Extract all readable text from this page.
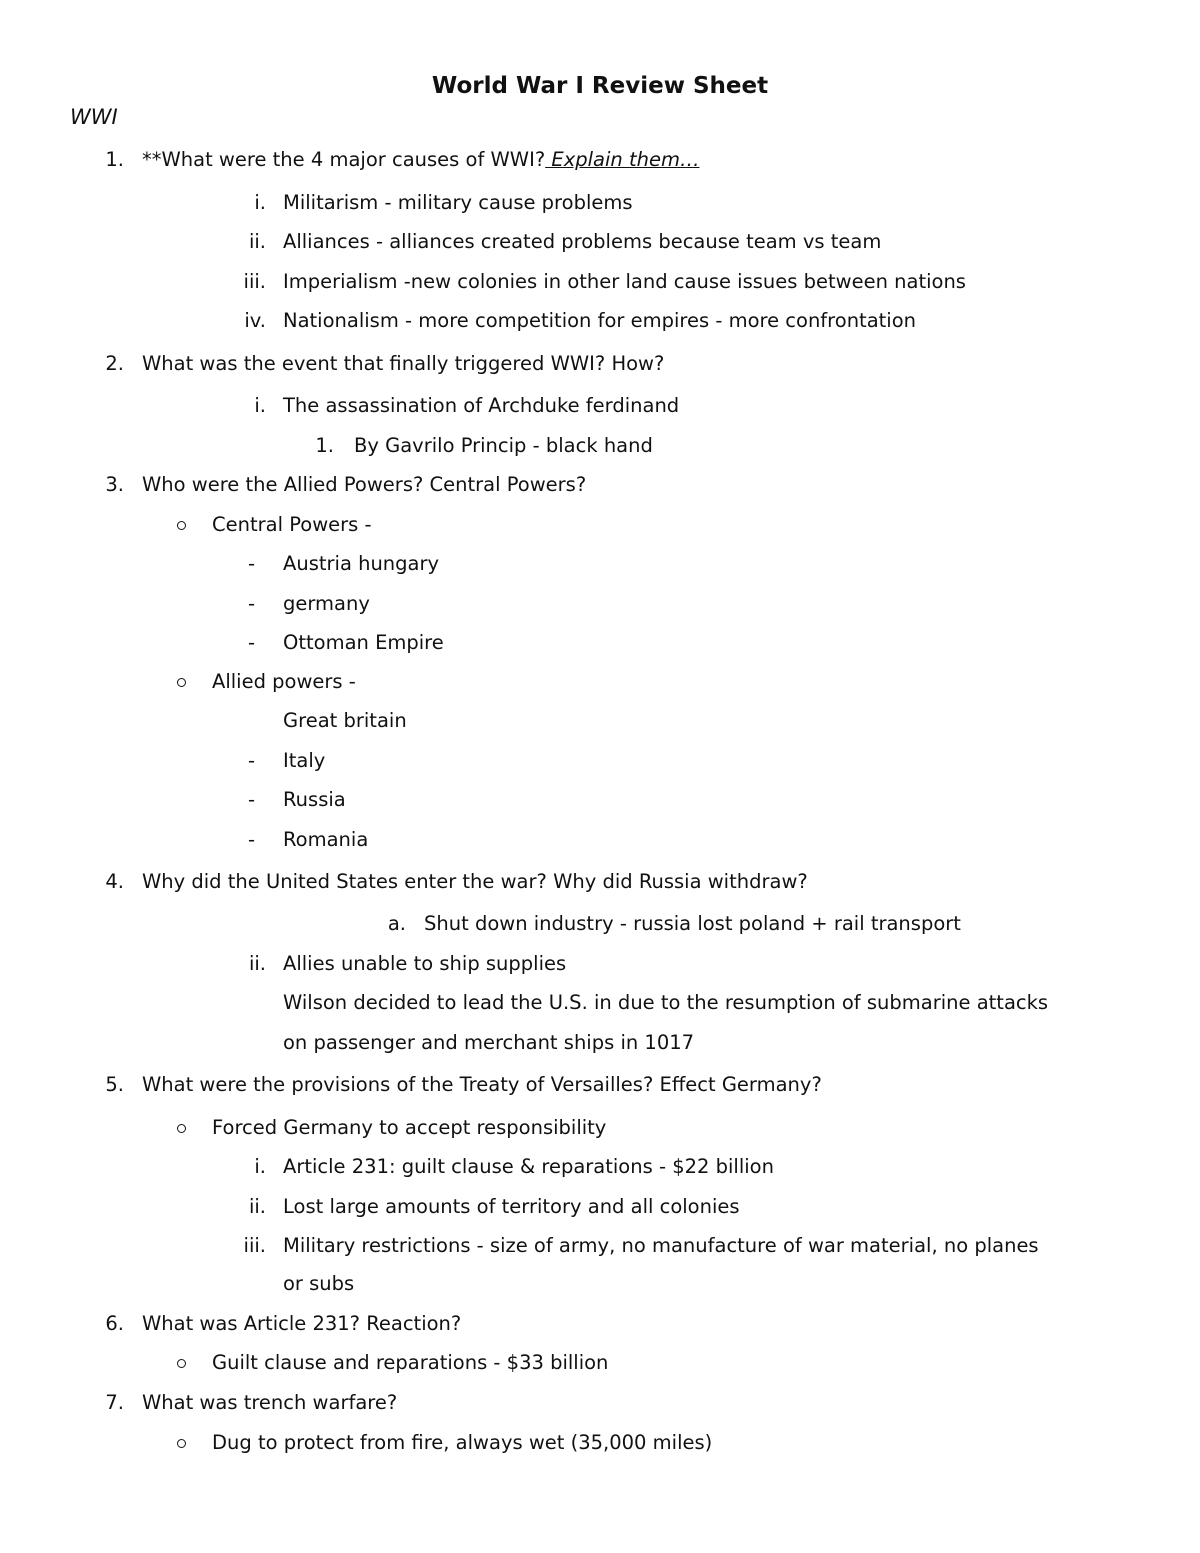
World War I Review Sheet
WWI
1. **What were the 4 major causes of WWI? Explain them…
i. Militarism - military cause problems
ii. Alliances - alliances created problems because team vs team
iii. Imperialism -new colonies in other land cause issues between nations
iv. Nationalism - more competition for empires - more confrontation
2. What was the event that finally triggered WWI? How?
i. The assassination of Archduke ferdinand
1. By Gavrilo Princip - black hand
3. Who were the Allied Powers? Central Powers?
Central Powers -
- Austria hungary
- germany
- Ottoman Empire
Allied powers -
Great britain
- Italy
- Russia
- Romania
4. Why did the United States enter the war? Why did Russia withdraw?
a. Shut down industry - russia lost poland + rail transport
ii. Allies unable to ship supplies
Wilson decided to lead the U.S. in due to the resumption of submarine attacks
on passenger and merchant ships in 1017
5. What were the provisions of the Treaty of Versailles? Effect Germany?
Forced Germany to accept responsibility
i. Article 231: guilt clause & reparations - $22 billion
ii. Lost large amounts of territory and all colonies
iii. Military restrictions - size of army, no manufacture of war material, no planes
or subs
6. What was Article 231? Reaction?
Guilt clause and reparations - $33 billion
7. What was trench warfare?
Dug to protect from fire, always wet (35,000 miles)
